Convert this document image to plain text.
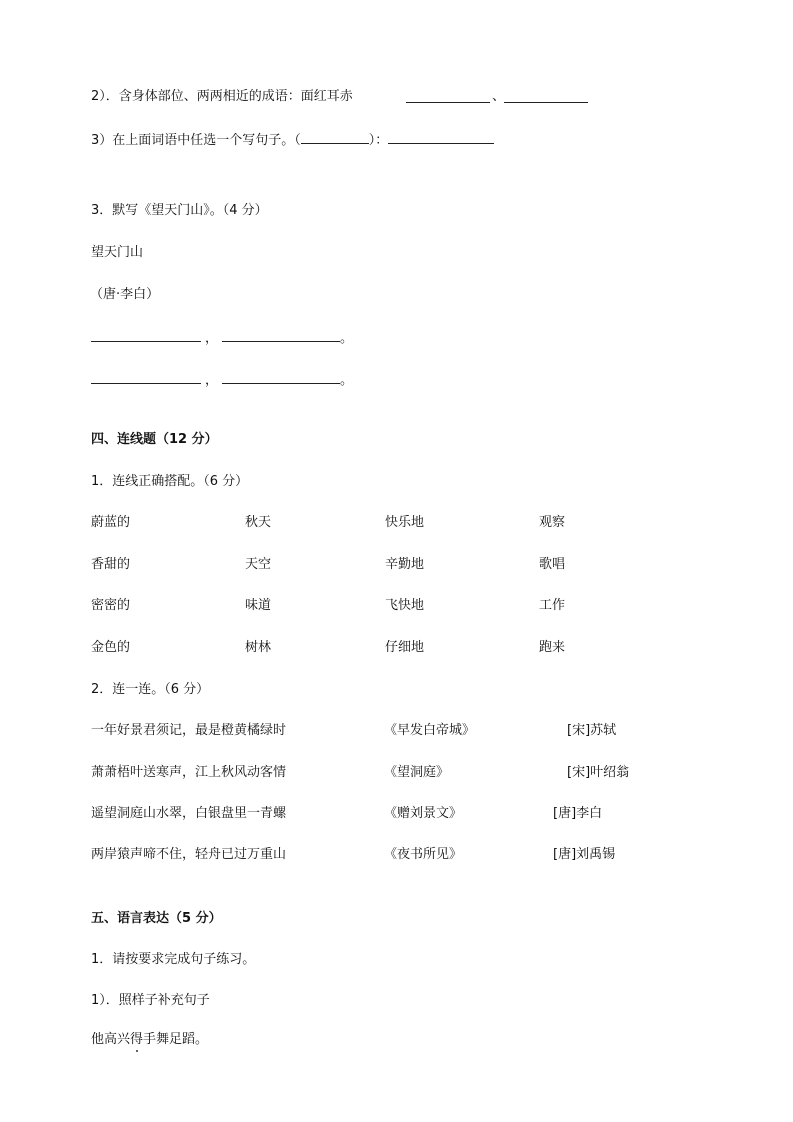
2）．含身体部位、两两相近的成语：面红耳赤	、
3）在上面词语中任选一个写句子。（	）：
3．默写《望天门山》。（4 分）
望天门山
（唐·李白）
，	。
，	。
四、连线题（12 分）
1．连线正确搭配。（6 分）
蔚蓝的	秋天	快乐地	观察
香甜的	天空	辛勤地	歌唱
密密的	味道	飞快地	工作
金色的	树林	仔细地	跑来
2．连一连。（6 分）
一年好景君须记，最是橙黄橘绿时	《早发白帝城》	[宋]苏轼
萧萧梧叶送寒声，江上秋风动客情	《望洞庭》	[宋]叶绍翁
遥望洞庭山水翠，白银盘里一青螺	《赠刘景文》	[唐]李白
两岸猿声啼不住，轻舟已过万重山	《夜书所见》	[唐]刘禹锡
五、语言表达（5 分）
1．请按要求完成句子练习。
1）．照样子补充句子
他高兴得手舞足蹈。
